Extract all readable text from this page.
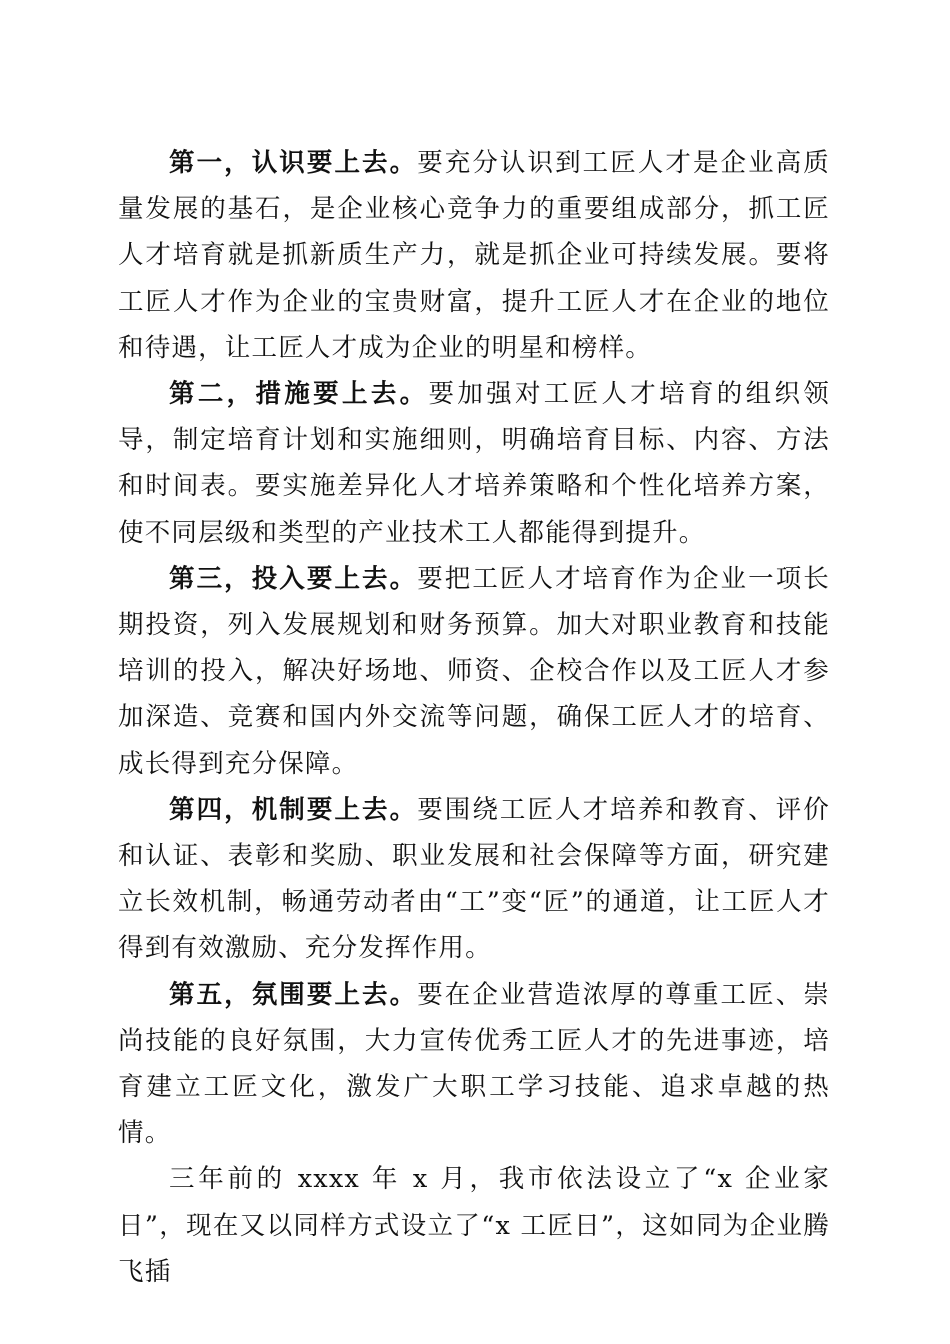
第一，认识要上去。要充分认识到工匠人才是企业高质量发展的基石，是企业核心竞争力的重要组成部分，抓工匠人才培育就是抓新质生产力，就是抓企业可持续发展。要将工匠人才作为企业的宝贵财富，提升工匠人才在企业的地位和待遇，让工匠人才成为企业的明星和榜样。

第二，措施要上去。要加强对工匠人才培育的组织领导，制定培育计划和实施细则，明确培育目标、内容、方法和时间表。要实施差异化人才培养策略和个性化培养方案，使不同层级和类型的产业技术工人都能得到提升。

第三，投入要上去。要把工匠人才培育作为企业一项长期投资，列入发展规划和财务预算。加大对职业教育和技能培训的投入，解决好场地、师资、企校合作以及工匠人才参加深造、竞赛和国内外交流等问题，确保工匠人才的培育、成长得到充分保障。

第四，机制要上去。要围绕工匠人才培养和教育、评价和认证、表彰和奖励、职业发展和社会保障等方面，研究建立长效机制，畅通劳动者由“工”变“匠”的通道，让工匠人才得到有效激励、充分发挥作用。

第五，氛围要上去。要在企业营造浓厚的尊重工匠、崇尚技能的良好氛围，大力宣传优秀工匠人才的先进事迹，培育建立工匠文化，激发广大职工学习技能、追求卓越的热情。

三年前的 xxxx 年 x 月，我市依法设立了“x 企业家日”，现在又以同样方式设立了“x 工匠日”，这如同为企业腾飞插
